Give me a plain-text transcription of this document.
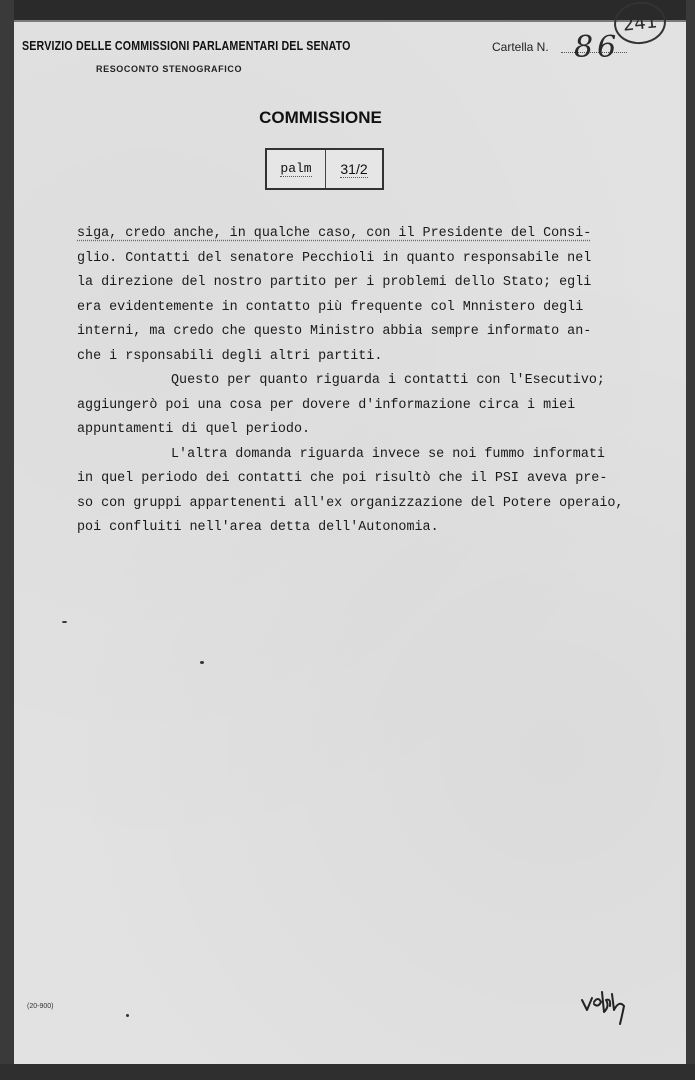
SERVIZIO DELLE COMMISSIONI PARLAMENTARI DEL SENATO
RESOCONTO STENOGRAFICO
Cartella N. 86
241
COMMISSIONE
palm 31/2
siga, credo anche, in qualche caso, con il Presidente del Consi-
glio. Contatti del senatore Pecchioli in quanto responsabile nel
la direzione del nostro partito per i problemi dello Stato; egli
era evidentemente in contatto più frequente col Mnnistero degli
interni, ma credo che questo Ministro abbia sempre informato an-
che i rsponsabili degli altri partiti.
Questo per quanto riguarda i contatti con l'Esecutivo;
aggiungerò poi una cosa per dovere d'informazione circa i miei
appuntamenti di quel periodo.
L'altra domanda riguarda invece se noi fummo informati
in quel periodo dei contatti che poi risultò che il PSI aveva pre-
so con gruppi appartenenti all'ex organizzazione del Potere operaio,
poi confluiti nell'area detta dell'Autonomia.
(20-900)
